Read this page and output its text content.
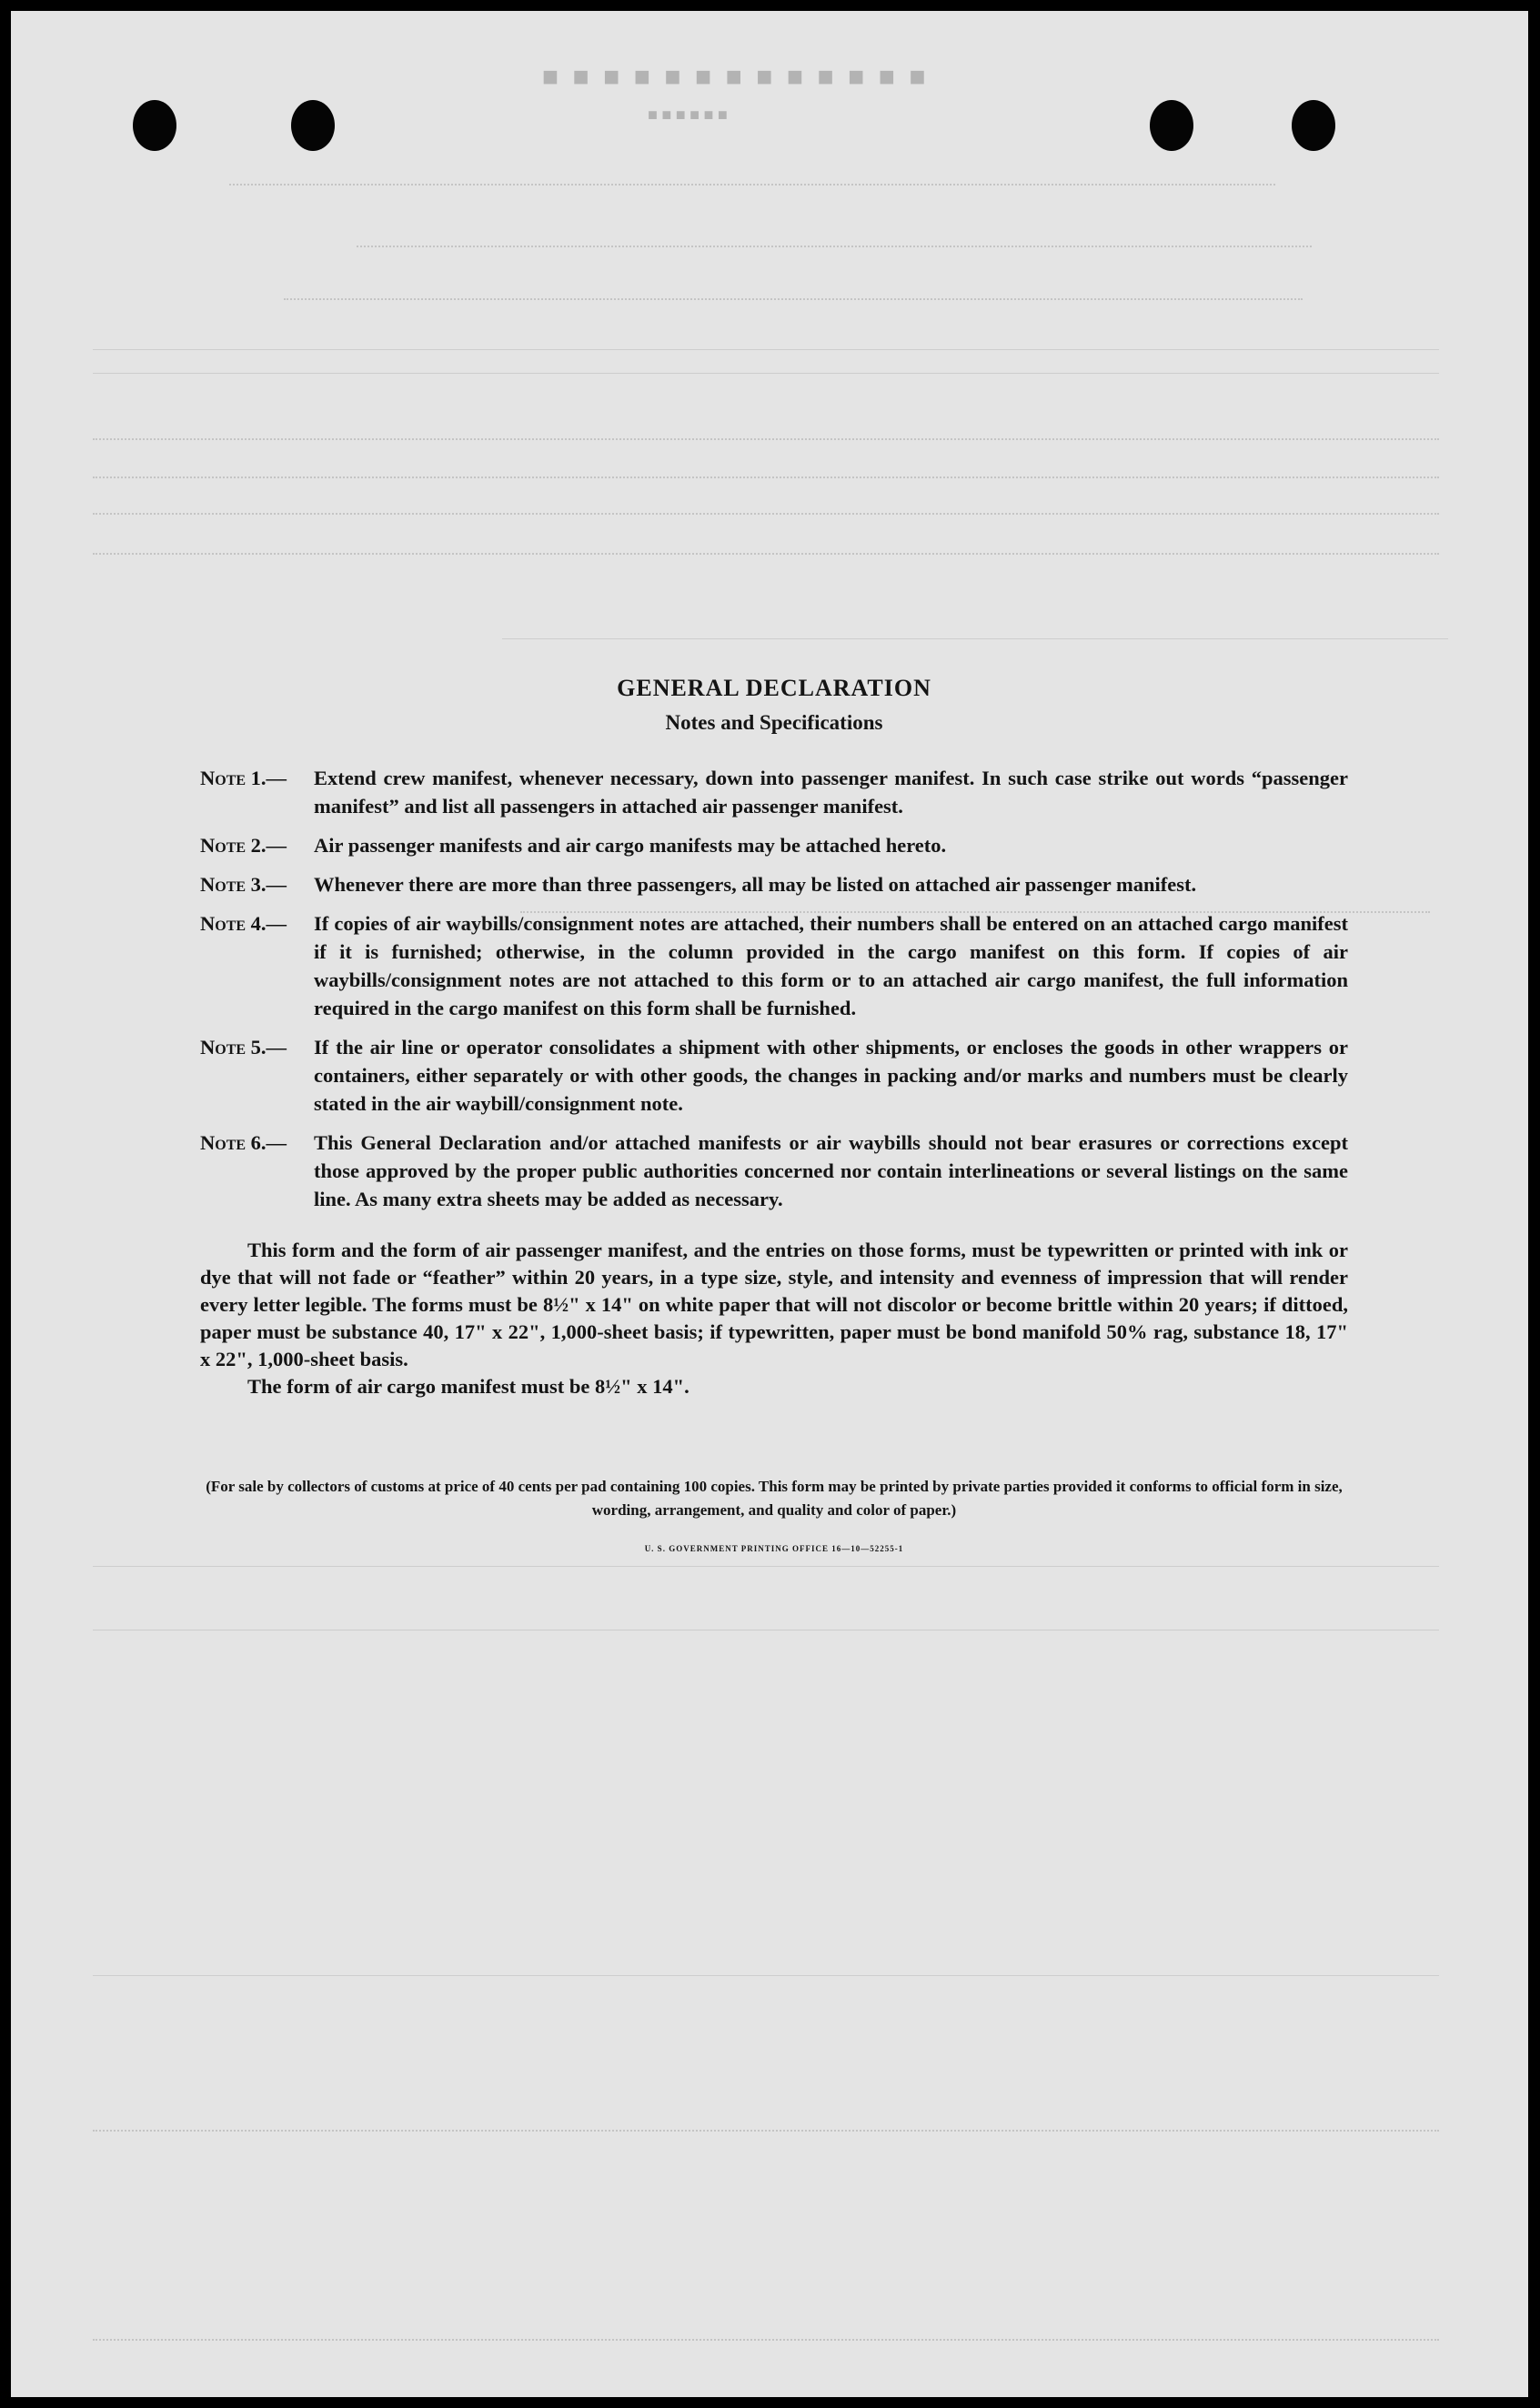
■ ■ ■ ■ ■ ■ ■ ■ ■ ■ ■ ■ ■
■ ■ ■ ■ ■ ■
GENERAL DECLARATION
Notes and Specifications
Note 1.—	Extend crew manifest, whenever necessary, down into passenger manifest. In such case strike out words “passenger manifest” and list all passengers in attached air passenger manifest.
Note 2.—	Air passenger manifests and air cargo manifests may be attached hereto.
Note 3.—	Whenever there are more than three passengers, all may be listed on attached air passenger manifest.
Note 4.—	If copies of air waybills/consignment notes are attached, their numbers shall be entered on an attached cargo manifest if it is furnished; otherwise, in the column provided in the cargo manifest on this form. If copies of air waybills/consignment notes are not attached to this form or to an attached air cargo manifest, the full information required in the cargo manifest on this form shall be furnished.
Note 5.—	If the air line or operator consolidates a shipment with other shipments, or encloses the goods in other wrappers or containers, either separately or with other goods, the changes in packing and/or marks and numbers must be clearly stated in the air waybill/consignment note.
Note 6.—	This General Declaration and/or attached manifests or air waybills should not bear erasures or corrections except those approved by the proper public authorities concerned nor contain interlineations or several listings on the same line. As many extra sheets may be added as necessary.
This form and the form of air passenger manifest, and the entries on those forms, must be typewritten or printed with ink or dye that will not fade or “feather” within 20 years, in a type size, style, and intensity and evenness of impression that will render every letter legible. The forms must be 8½" x 14" on white paper that will not discolor or become brittle within 20 years; if dittoed, paper must be substance 40, 17" x 22", 1,000-sheet basis; if typewritten, paper must be bond manifold 50% rag, substance 18, 17" x 22", 1,000-sheet basis.
The form of air cargo manifest must be 8½" x 14".
(For sale by collectors of customs at price of 40 cents per pad containing 100 copies. This form may be printed by private parties provided it conforms to official form in size, wording, arrangement, and quality and color of paper.)
U. S. GOVERNMENT PRINTING OFFICE 16—10—52255-1
